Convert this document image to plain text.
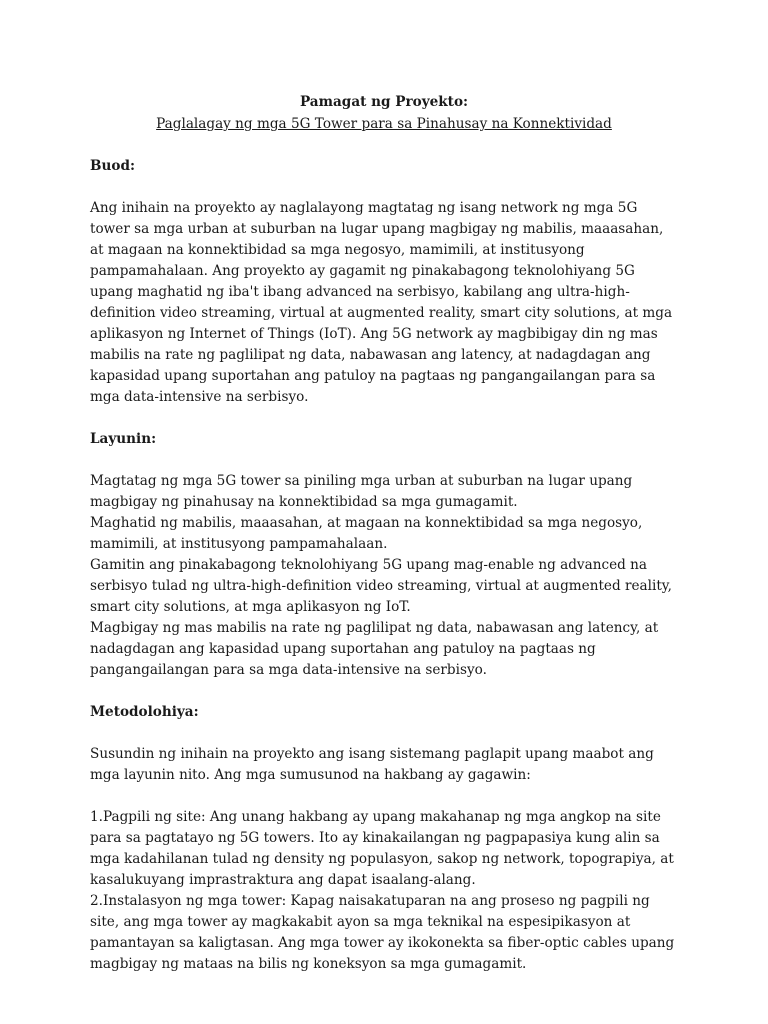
Pamagat ng Proyekto:

Paglalagay ng mga 5G Tower para sa Pinahusay na Konnektividad

Buod:

Ang inihain na proyekto ay naglalayong magtatag ng isang network ng mga 5G tower sa mga urban at suburban na lugar upang magbigay ng mabilis, maaasahan, at magaan na konnektibidad sa mga negosyo, mamimili, at institusyong pampamahalaan. Ang proyekto ay gagamit ng pinakabagong teknolohiyang 5G upang maghatid ng iba't ibang advanced na serbisyo, kabilang ang ultra-high-definition video streaming, virtual at augmented reality, smart city solutions, at mga aplikasyon ng Internet of Things (IoT). Ang 5G network ay magbibigay din ng mas mabilis na rate ng paglilipat ng data, nabawasan ang latency, at nadagdagan ang kapasidad upang suportahan ang patuloy na pagtaas ng pangangailangan para sa mga data-intensive na serbisyo.

Layunin:

Magtatag ng mga 5G tower sa piniling mga urban at suburban na lugar upang magbigay ng pinahusay na konnektibidad sa mga gumagamit.

Maghatid ng mabilis, maaasahan, at magaan na konnektibidad sa mga negosyo, mamimili, at institusyong pampamahalaan.

Gamitin ang pinakabagong teknolohiyang 5G upang mag-enable ng advanced na serbisyo tulad ng ultra-high-definition video streaming, virtual at augmented reality, smart city solutions, at mga aplikasyon ng IoT.

Magbigay ng mas mabilis na rate ng paglilipat ng data, nabawasan ang latency, at nadagdagan ang kapasidad upang suportahan ang patuloy na pagtaas ng pangangailangan para sa mga data-intensive na serbisyo.

Metodolohiya:

Susundin ng inihain na proyekto ang isang sistemang paglapit upang maabot ang mga layunin nito. Ang mga sumusunod na hakbang ay gagawin:

1.Pagpili ng site: Ang unang hakbang ay upang makahanap ng mga angkop na site para sa pagtatayo ng 5G towers. Ito ay kinakailangan ng pagpapasiya kung alin sa mga kadahilanan tulad ng density ng populasyon, sakop ng network, topograpiya, at kasalukuyang imprastraktura ang dapat isaalang-alang.

2.Instalasyon ng mga tower: Kapag naisakatuparan na ang proseso ng pagpili ng site, ang mga tower ay magkakabit ayon sa mga teknikal na espesipikasyon at pamantayan sa kaligtasan. Ang mga tower ay ikokonekta sa fiber-optic cables upang magbigay ng mataas na bilis ng koneksyon sa mga gumagamit.
